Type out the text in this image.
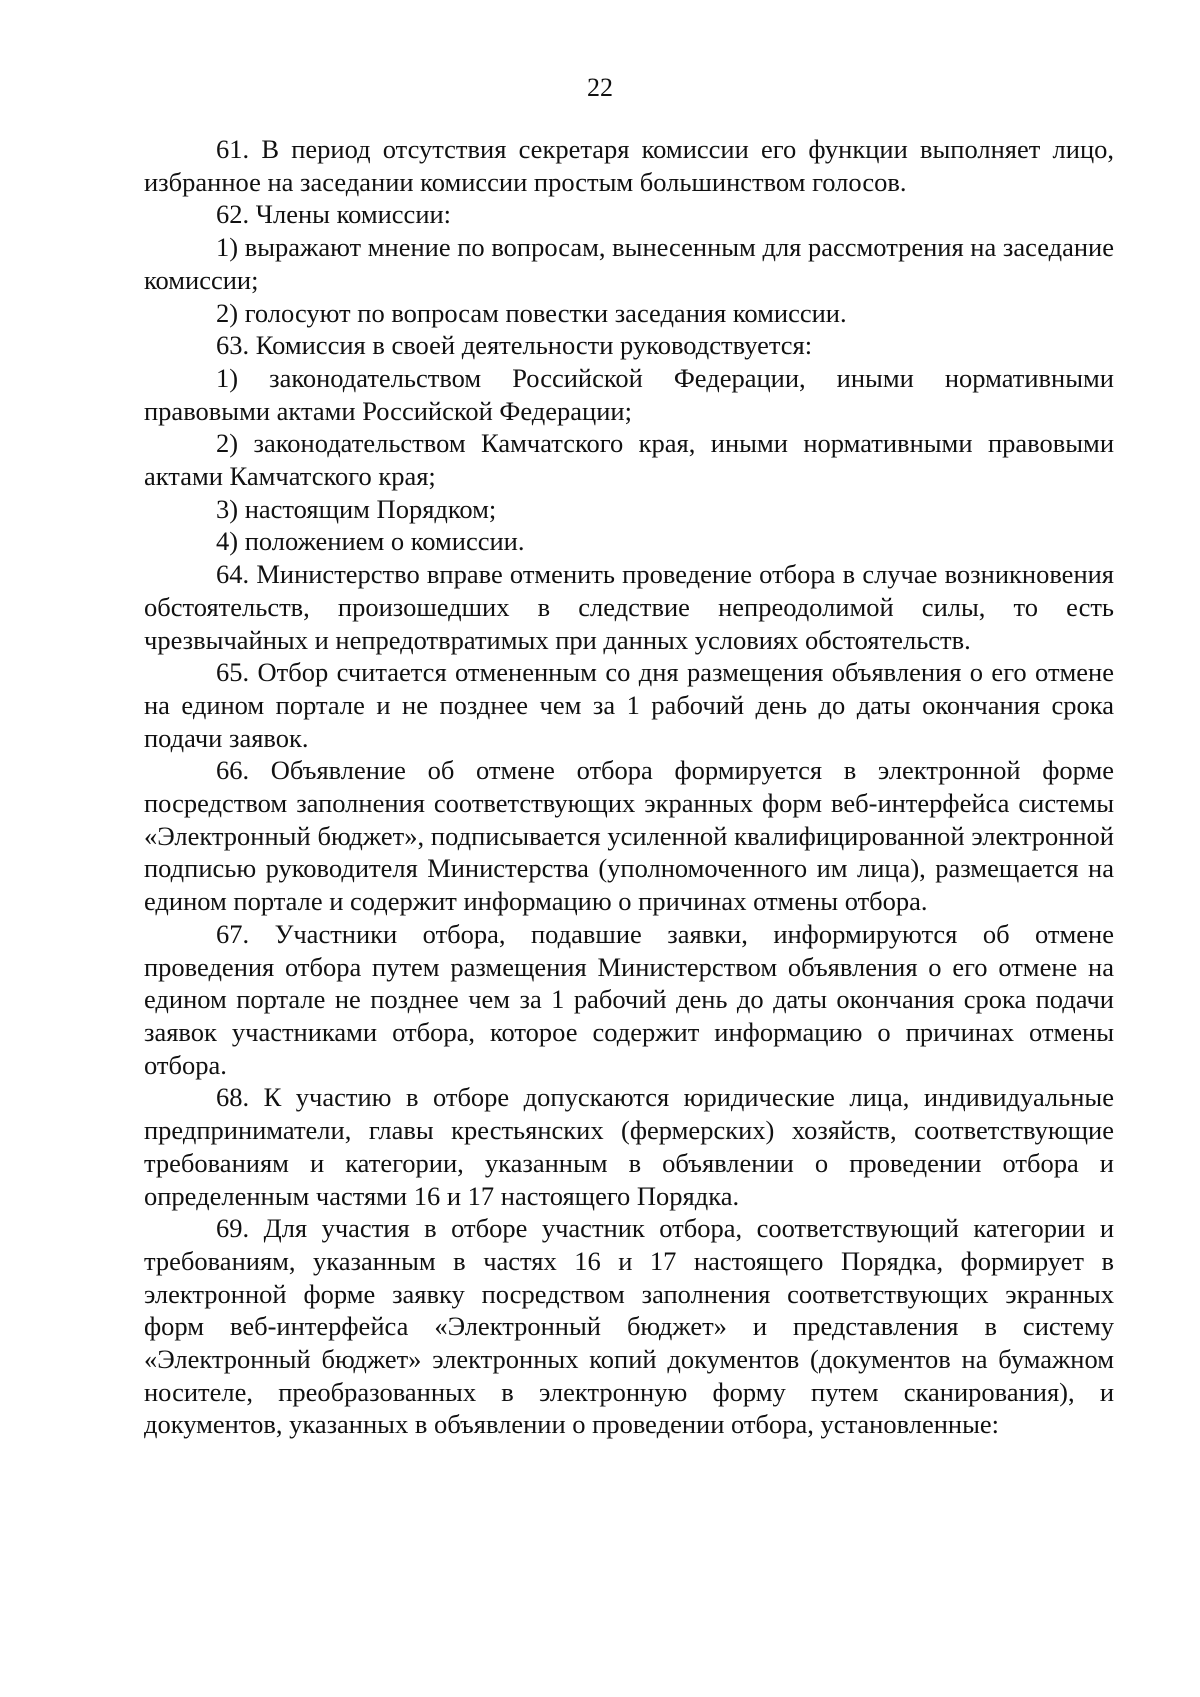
22

61. В период отсутствия секретаря комиссии его функции выполняет лицо, избранное на заседании комиссии простым большинством голосов.

62. Члены комиссии:

1) выражают мнение по вопросам, вынесенным для рассмотрения на заседание комиссии;

2) голосуют по вопросам повестки заседания комиссии.

63. Комиссия в своей деятельности руководствуется:

1) законодательством Российской Федерации, иными нормативными правовыми актами Российской Федерации;

2) законодательством Камчатского края, иными нормативными правовыми актами Камчатского края;

3) настоящим Порядком;

4) положением о комиссии.

64. Министерство вправе отменить проведение отбора в случае возникновения обстоятельств, произошедших в следствие непреодолимой силы, то есть чрезвычайных и непредотвратимых при данных условиях обстоятельств.

65. Отбор считается отмененным со дня размещения объявления о его отмене на едином портале и не позднее чем за 1 рабочий день до даты окончания срока подачи заявок.

66. Объявление об отмене отбора формируется в электронной форме посредством заполнения соответствующих экранных форм веб-интерфейса системы «Электронный бюджет», подписывается усиленной квалифицированной электронной подписью руководителя Министерства (уполномоченного им лица), размещается на едином портале и содержит информацию о причинах отмены отбора.

67. Участники отбора, подавшие заявки, информируются об отмене проведения отбора путем размещения Министерством объявления о его отмене на едином портале не позднее чем за 1 рабочий день до даты окончания срока подачи заявок участниками отбора, которое содержит информацию о причинах отмены отбора.

68. К участию в отборе допускаются юридические лица, индивидуальные предприниматели, главы крестьянских (фермерских) хозяйств, соответствующие требованиям и категории, указанным в объявлении о проведении отбора и определенным частями 16 и 17 настоящего Порядка.

69. Для участия в отборе участник отбора, соответствующий категории и требованиям, указанным в частях 16 и 17 настоящего Порядка, формирует в электронной форме заявку посредством заполнения соответствующих экранных форм веб-интерфейса «Электронный бюджет» и представления в систему «Электронный бюджет» электронных копий документов (документов на бумажном носителе, преобразованных в электронную форму путем сканирования), и документов, указанных в объявлении о проведении отбора, установленные:
